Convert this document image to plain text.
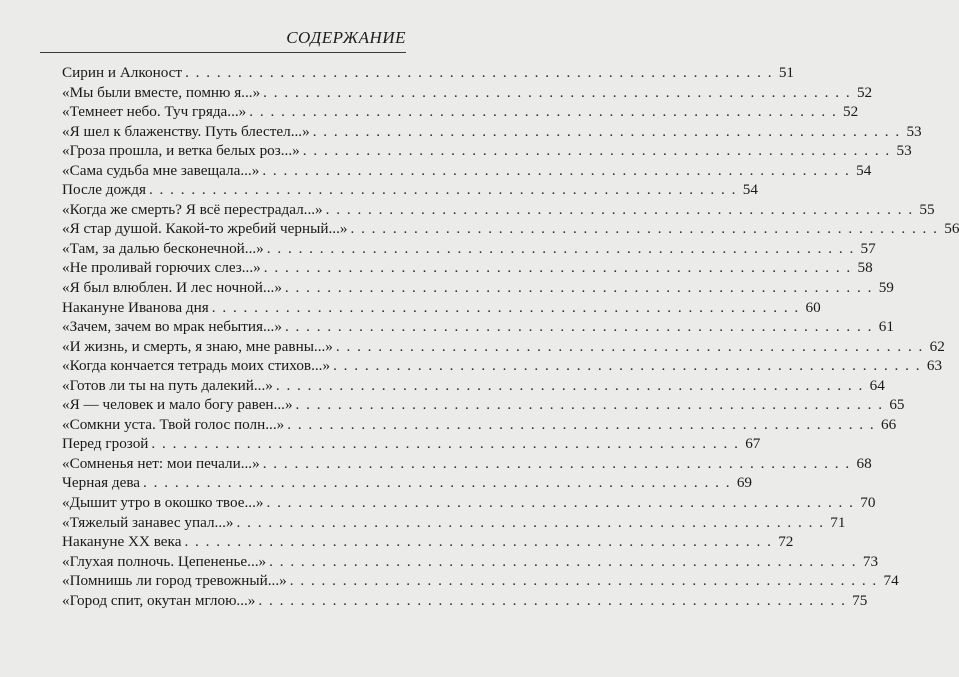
СОДЕРЖАНИЕ
Сирин и Алконост . . .	51
«Мы были вместе, помню я...» . . .	52
«Темнеет небо. Туч гряда...» . . .	52
«Я шел к блаженству. Путь блестел...» . . .	53
«Гроза прошла, и ветка белых роз...» . . .	53
«Сама судьба мне завещала...» . . .	54
После дождя . . .	54
«Когда же смерть? Я всё перестрадал...» . . .	55
«Я стар душой. Какой-то жребий черный...» . . .	56
«Там, за далью бесконечной...» . . .	57
«Не проливай горючих слез...» . . .	58
«Я был влюблен. И лес ночной...» . . .	59
Накануне Иванова дня . . .	60
«Зачем, зачем во мрак небытия...» . . .	61
«И жизнь, и смерть, я знаю, мне равны...» . . .	62
«Когда кончается тетрадь моих стихов...» . . .	63
«Готов ли ты на путь далекий...» . . .	64
«Я — человек и мало богу равен...» . . .	65
«Сомкни уста. Твой голос полн...» . . .	66
Перед грозой . . .	67
«Сомненья нет: мои печали...» . . .	68
Черная дева . . .	69
«Дышит утро в окошко твое...» . . .	70
«Тяжелый занавес упал...» . . .	71
Накануне XX века . . .	72
«Глухая полночь. Цепененье...» . . .	73
«Помнишь ли город тревожный...» . . .	74
«Город спит, окутан мглою...» . . .	75
